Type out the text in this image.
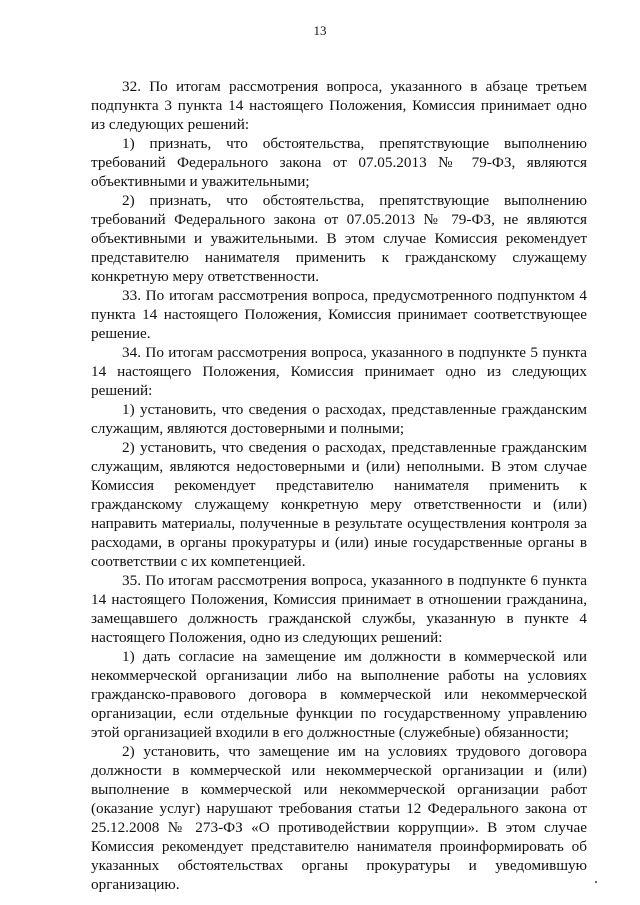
13

32. По итогам рассмотрения вопроса, указанного в абзаце третьем подпункта 3 пункта 14 настоящего Положения, Комиссия принимает одно из следующих решений:

1) признать, что обстоятельства, препятствующие выполнению требований Федерального закона от 07.05.2013 № 79-ФЗ, являются объективными и уважительными;

2) признать, что обстоятельства, препятствующие выполнению требований Федерального закона от 07.05.2013 № 79-ФЗ, не являются объективными и уважительными. В этом случае Комиссия рекомендует представителю нанимателя применить к гражданскому служащему конкретную меру ответственности.

33. По итогам рассмотрения вопроса, предусмотренного подпунктом 4 пункта 14 настоящего Положения, Комиссия принимает соответствующее решение.

34. По итогам рассмотрения вопроса, указанного в подпункте 5 пункта 14 настоящего Положения, Комиссия принимает одно из следующих решений:

1) установить, что сведения о расходах, представленные гражданским служащим, являются достоверными и полными;

2) установить, что сведения о расходах, представленные гражданским служащим, являются недостоверными и (или) неполными. В этом случае Комиссия рекомендует представителю нанимателя применить к гражданскому служащему конкретную меру ответственности и (или) направить материалы, полученные в результате осуществления контроля за расходами, в органы прокуратуры и (или) иные государственные органы в соответствии с их компетенцией.

35. По итогам рассмотрения вопроса, указанного в подпункте 6 пункта 14 настоящего Положения, Комиссия принимает в отношении гражданина, замещавшего должность гражданской службы, указанную в пункте 4 настоящего Положения, одно из следующих решений:

1) дать согласие на замещение им должности в коммерческой или некоммерческой организации либо на выполнение работы на условиях гражданско-правового договора в коммерческой или некоммерческой организации, если отдельные функции по государственному управлению этой организацией входили в его должностные (служебные) обязанности;

2) установить, что замещение им на условиях трудового договора должности в коммерческой или некоммерческой организации и (или) выполнение в коммерческой или некоммерческой организации работ (оказание услуг) нарушают требования статьи 12 Федерального закона от 25.12.2008 № 273-ФЗ «О противодействии коррупции». В этом случае Комиссия рекомендует представителю нанимателя проинформировать об указанных обстоятельствах органы прокуратуры и уведомившую организацию.
